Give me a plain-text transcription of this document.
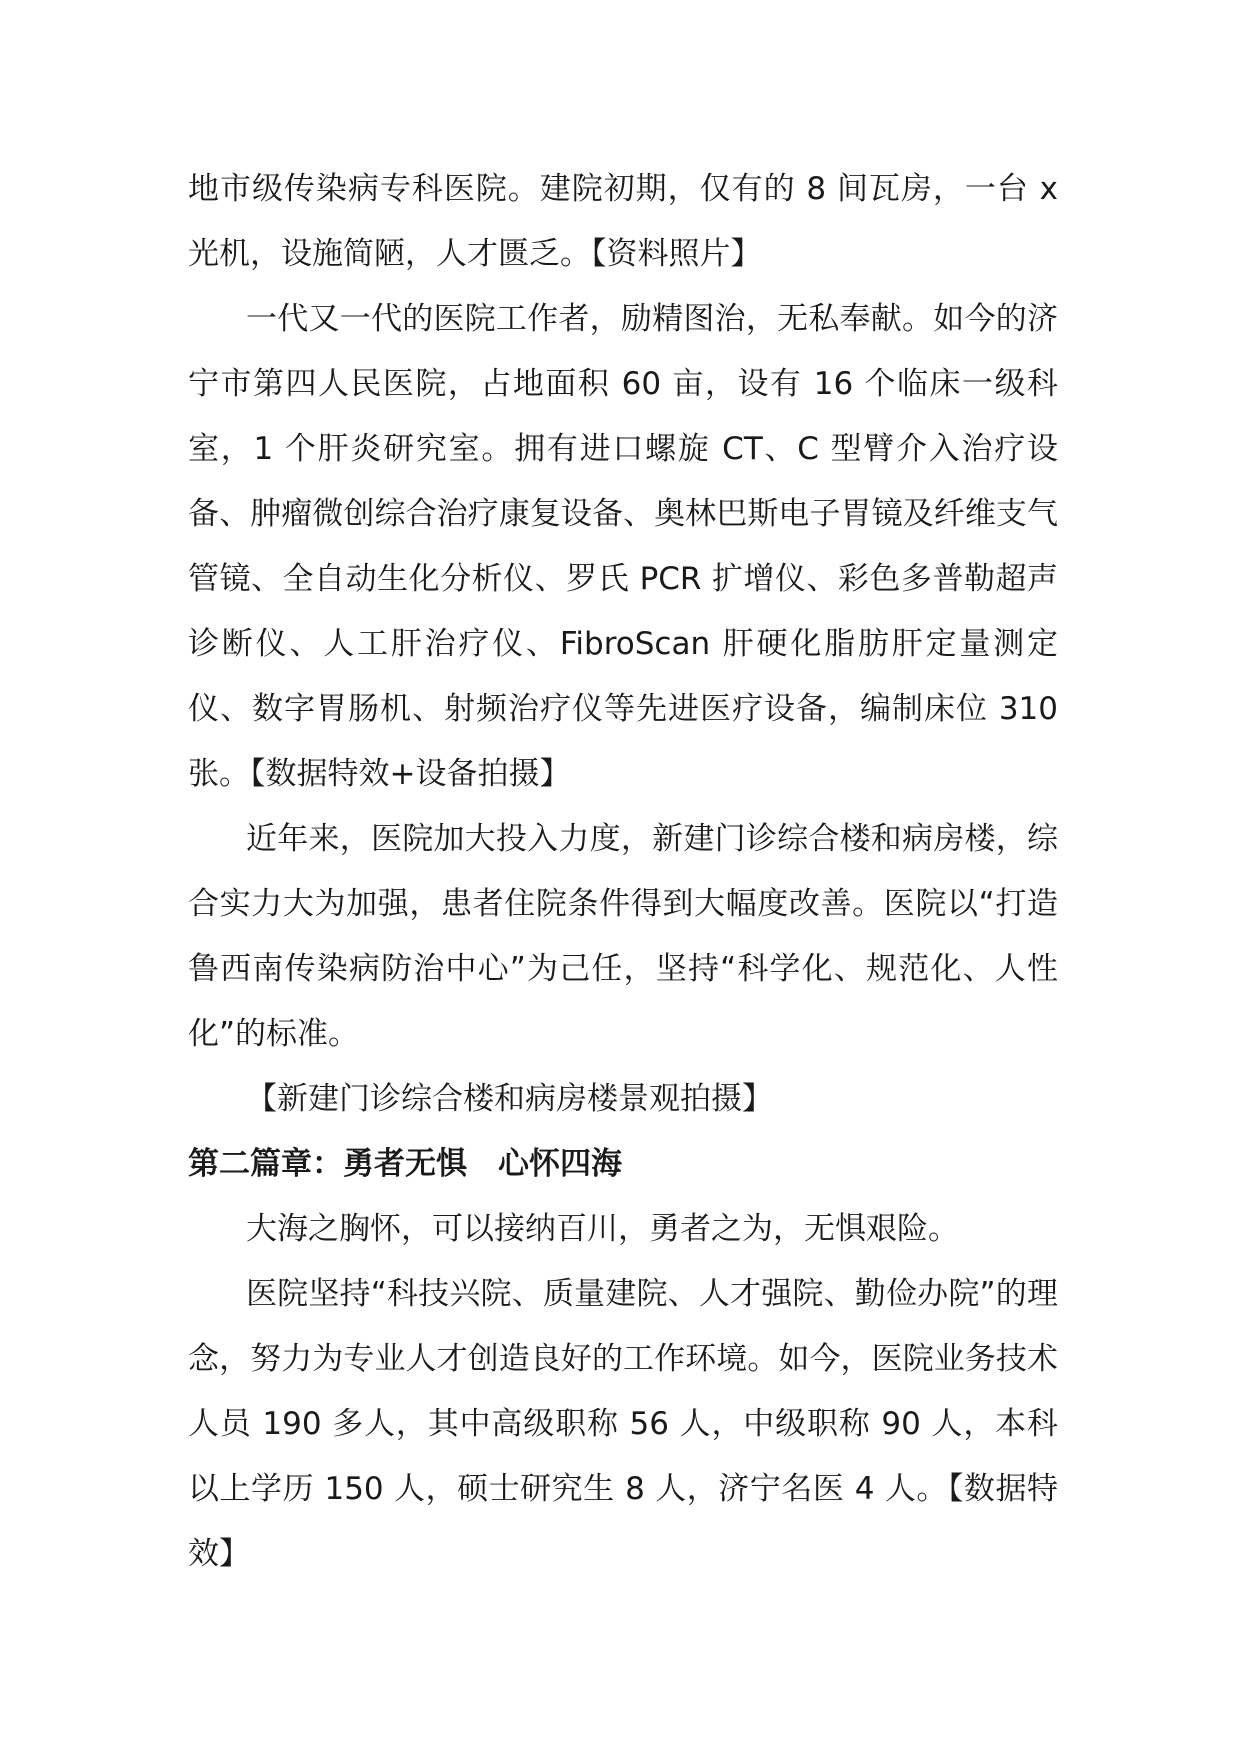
地市级传染病专科医院。建院初期，仅有的 8 间瓦房，一台 x 光机，设施简陋，人才匮乏。【资料照片】

一代又一代的医院工作者，励精图治，无私奉献。如今的济宁市第四人民医院，占地面积 60 亩，设有 16 个临床一级科室，1 个肝炎研究室。拥有进口螺旋 CT、C 型臂介入治疗设备、肿瘤微创综合治疗康复设备、奥林巴斯电子胃镜及纤维支气管镜、全自动生化分析仪、罗氏 PCR 扩增仪、彩色多普勒超声诊断仪、人工肝治疗仪、FibroScan 肝硬化脂肪肝定量测定仪、数字胃肠机、射频治疗仪等先进医疗设备，编制床位 310 张。【数据特效+设备拍摄】

近年来，医院加大投入力度，新建门诊综合楼和病房楼，综合实力大为加强，患者住院条件得到大幅度改善。医院以“打造鲁西南传染病防治中心”为己任，坚持“科学化、规范化、人性化”的标准。

【新建门诊综合楼和病房楼景观拍摄】

第二篇章：勇者无惧　心怀四海

大海之胸怀，可以接纳百川，勇者之为，无惧艰险。

医院坚持“科技兴院、质量建院、人才强院、勤俭办院”的理念，努力为专业人才创造良好的工作环境。如今，医院业务技术人员 190 多人，其中高级职称 56 人，中级职称 90 人，本科以上学历 150 人，硕士研究生 8 人，济宁名医 4 人。【数据特效】
